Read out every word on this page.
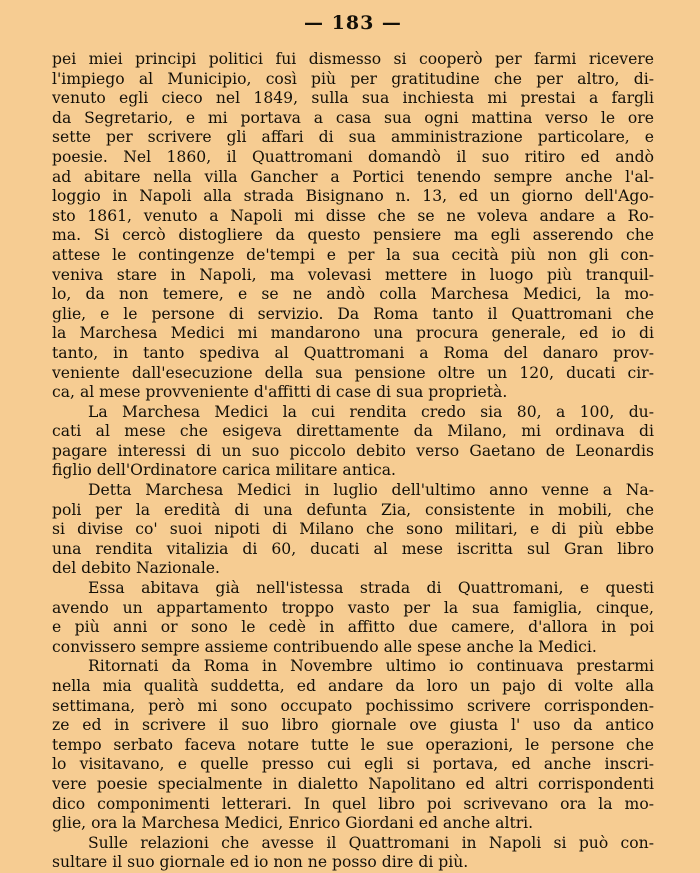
— 183 —

pei miei principi politici fui dismesso si cooperò per farmi ricevere
l'impiego al Municipio, così più per gratitudine che per altro, di-
venuto egli cieco nel 1849, sulla sua inchiesta mi prestai a fargli
da Segretario, e mi portava a casa sua ogni mattina verso le ore
sette per scrivere gli affari di sua amministrazione particolare, e
poesie. Nel 1860, il Quattromani domandò il suo ritiro ed andò
ad abitare nella villa Gancher a Portici tenendo sempre anche l'al-
loggio in Napoli alla strada Bisignano n. 13, ed un giorno dell'Ago-
sto 1861, venuto a Napoli mi disse che se ne voleva andare a Ro-
ma. Si cercò distogliere da questo pensiere ma egli asserendo che
attese le contingenze de'tempi e per la sua cecità più non gli con-
veniva stare in Napoli, ma volevasi mettere in luogo più tranquil-
lo, da non temere, e se ne andò colla Marchesa Medici, la mo-
glie, e le persone di servizio. Da Roma tanto il Quattromani che
la Marchesa Medici mi mandarono una procura generale, ed io di
tanto, in tanto spediva al Quattromani a Roma del danaro prov-
veniente dall'esecuzione della sua pensione oltre un 120, ducati cir-
ca, al mese provveniente d'affitti di case di sua proprietà.

La Marchesa Medici la cui rendita credo sia 80, a 100, du-
cati al mese che esigeva direttamente da Milano, mi ordinava di
pagare interessi di un suo piccolo debito verso Gaetano de Leonardis
figlio dell'Ordinatore carica militare antica.

Detta Marchesa Medici in luglio dell'ultimo anno venne a Na-
poli per la eredità di una defunta Zia, consistente in mobili, che
si divise co' suoi nipoti di Milano che sono militari, e di più ebbe
una rendita vitalizia di 60, ducati al mese iscritta sul Gran libro
del debito Nazionale.

Essa abitava già nell'istessa strada di Quattromani, e questi
avendo un appartamento troppo vasto per la sua famiglia, cinque,
e più anni or sono le cedè in affitto due camere, d'allora in poi
convissero sempre assieme contribuendo alle spese anche la Medici.

Ritornati da Roma in Novembre ultimo io continuava prestarmi
nella mia qualità suddetta, ed andare da loro un pajo di volte alla
settimana, però mi sono occupato pochissimo scrivere corrisponden-
ze ed in scrivere il suo libro giornale ove giusta l' uso da antico
tempo serbato faceva notare tutte le sue operazioni, le persone che
lo visitavano, e quelle presso cui egli si portava, ed anche inscri-
vere poesie specialmente in dialetto Napolitano ed altri corrispondenti
dico componimenti letterari. In quel libro poi scrivevano ora la mo-
glie, ora la Marchesa Medici, Enrico Giordani ed anche altri.

Sulle relazioni che avesse il Quattromani in Napoli si può con-
sultare il suo giornale ed io non ne posso dire di più.
